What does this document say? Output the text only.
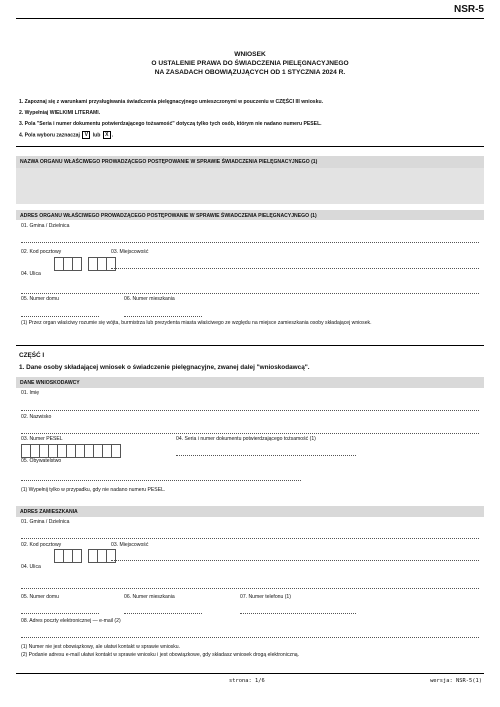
NSR-5
WNIOSEK
O USTALENIE PRAWA DO ŚWIADCZENIA PIELĘGNACYJNEGO
NA ZASADACH OBOWIĄZUJĄCYCH OD 1 STYCZNIA 2024 R.
1. Zapoznaj się z warunkami przysługiwania świadczenia pielęgnacyjnego umieszczonymi w pouczeniu w CZĘŚCI III wniosku.
2. Wypełniaj WIELKIMI LITERAMI.
3. Pola "Seria i numer dokumentu potwierdzającego tożsamość" dotyczą tylko tych osób, którym nie nadano numeru PESEL.
4. Pola wyboru zaznaczaj V lub X .
NAZWA ORGANU WŁAŚCIWEGO PROWADZĄCEGO POSTĘPOWANIE W SPRAWIE ŚWIADCZENIA PIELĘGNACYJNEGO (1)
ADRES ORGANU WŁAŚCIWEGO PROWADZĄCEGO POSTĘPOWANIE W SPRAWIE ŚWIADCZENIA PIELĘGNACYJNEGO (1)
01. Gmina / Dzielnica
02. Kod pocztowy	03. Miejscowość
04. Ulica
05. Numer domu	06. Numer mieszkania
(1) Przez organ właściwy rozumie się wójta, burmistrza lub prezydenta miasta właściwego ze względu na miejsce zamieszkania osoby składającej wniosek.
CZĘŚĆ I
1. Dane osoby składającej wniosek o świadczenie pielęgnacyjne, zwanej dalej "wnioskodawcą".
DANE WNIOSKODAWCY
01. Imię
02. Nazwisko
03. Numer PESEL	04. Seria i numer dokumentu potwierdzającego tożsamość (1)
05. Obywatelstwo
(1) Wypełnij tylko w przypadku, gdy nie nadano numeru PESEL.
ADRES ZAMIESZKANIA
01. Gmina / Dzielnica
02. Kod pocztowy	03. Miejscowość
04. Ulica
05. Numer domu	06. Numer mieszkania	07. Numer telefonu (1)
08. Adres poczty elektronicznej — e-mail (2)
(1) Numer nie jest obowiązkowy, ale ułatwi kontakt w sprawie wniosku.
(2) Podanie adresu e-mail ułatwi kontakt w sprawie wniosku i jest obowiązkowe, gdy składasz wniosek drogą elektroniczną.
strona: 1/6	wersja: NSR-5(1)
